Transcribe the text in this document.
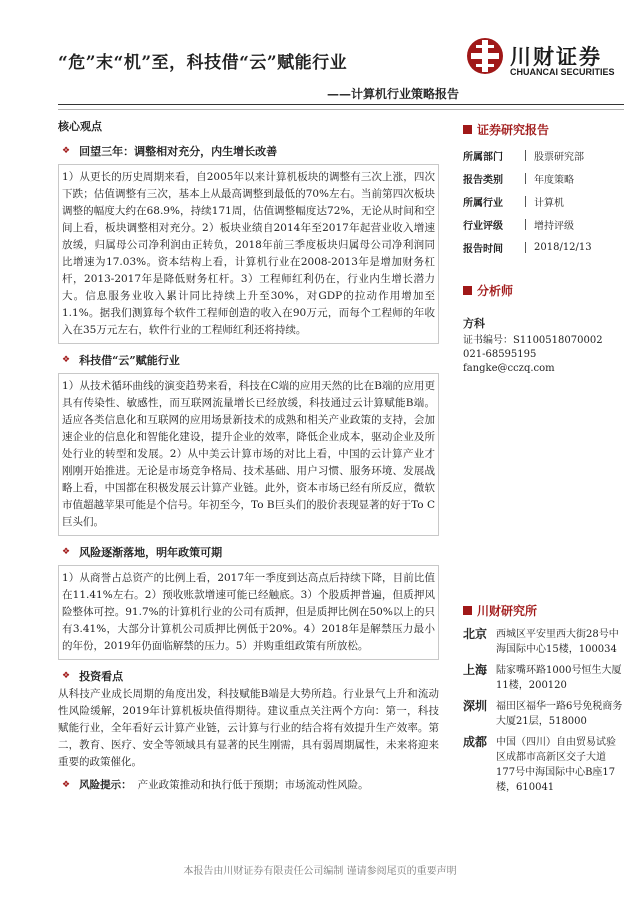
“危”末“机”至，科技借“云”赋能行业
——计算机行业策略报告
川财证券
CHUANCAI SECURITIES
核心观点
❖ 回望三年：调整相对充分，内生增长改善

1）从更长的历史周期来看，自2005年以来计算机板块的调整有三次上涨，四次下跌；估值调整有三次，基本上从最高调整到最低的70%左右。当前第四次板块调整的幅度大约在68.9%，持续171周，估值调整幅度达72%，无论从时间和空间上看，板块调整相对充分。2）板块业绩自2014年至2017年起营业收入增速放缓，归属母公司净利润由正转负，2018年前三季度板块归属母公司净利润同比增速为17.03%。资本结构上看，计算机行业在2008-2013年是增加财务杠杆，2013-2017年是降低财务杠杆。3）工程师红利仍在，行业内生增长潜力大。信息服务业收入累计同比持续上升至30%，对GDP的拉动作用增加至1.1%。据我们测算每个软件工程师创造的收入在90万元，而每个工程师的年收入在35万元左右，软件行业的工程师红利还将持续。

❖ 科技借“云”赋能行业

1）从技术循环曲线的演变趋势来看，科技在C端的应用天然的比在B端的应用更具有传染性、敏感性，而互联网流量增长已经放缓，科技通过云计算赋能B端。适应各类信息化和互联网的应用场景新技术的成熟和相关产业政策的支持，会加速企业的信息化和智能化建设，提升企业的效率，降低企业成本，驱动企业及所处行业的转型和发展。2）从中美云计算市场的对比上看，中国的云计算产业才刚刚开始推进。无论是市场竞争格局、技术基础、用户习惯、服务环境、发展战略上看，中国都在积极发展云计算产业链。此外，资本市场已经有所反应，微软市值超越苹果可能是个信号。年初至今，To B巨头们的股价表现显著的好于To C巨头们。

❖ 风险逐渐落地，明年政策可期

1）从商誉占总资产的比例上看，2017年一季度到达高点后持续下降，目前比值在11.41%左右。2）预收账款增速可能已经触底。3）个股质押普遍，但质押风险整体可控。91.7%的计算机行业的公司有质押，但是质押比例在50%以上的只有3.41%，大部分计算机公司质押比例低于20%。4）2018年是解禁压力最小的年份，2019年仍面临解禁的压力。5）并购重组政策有所放松。

❖ 投资看点

从科技产业成长周期的角度出发，科技赋能B端是大势所趋。行业景气上升和流动性风险缓解，2019年计算机板块值得期待。建议重点关注两个方向：第一，科技赋能行业，全年看好云计算产业链，云计算与行业的结合将有效提升生产效率。第二，教育、医疗、安全等领域具有显著的民生刚需，具有弱周期属性，未来将迎来重要的政策催化。

❖ 风险提示： 产业政策推动和执行低于预期；市场流动性风险。
证券研究报告
所属部门	股票研究部
报告类别	年度策略
所属行业	计算机
行业评级	增持评级
报告时间	2018/12/13
分析师
方科
证书编号：S1100518070002
021-68595195
fangke@cczq.com
川财研究所
北京 西城区平安里西大街28号中海国际中心15楼，100034
上海 陆家嘴环路1000号恒生大厦11楼，200120
深圳 福田区福华一路6号免税商务大厦21层，518000
成都 中国（四川）自由贸易试验区成都市高新区交子大道177号中海国际中心B座17楼，610041
本报告由川财证券有限责任公司编制 谨请参阅尾页的重要声明
